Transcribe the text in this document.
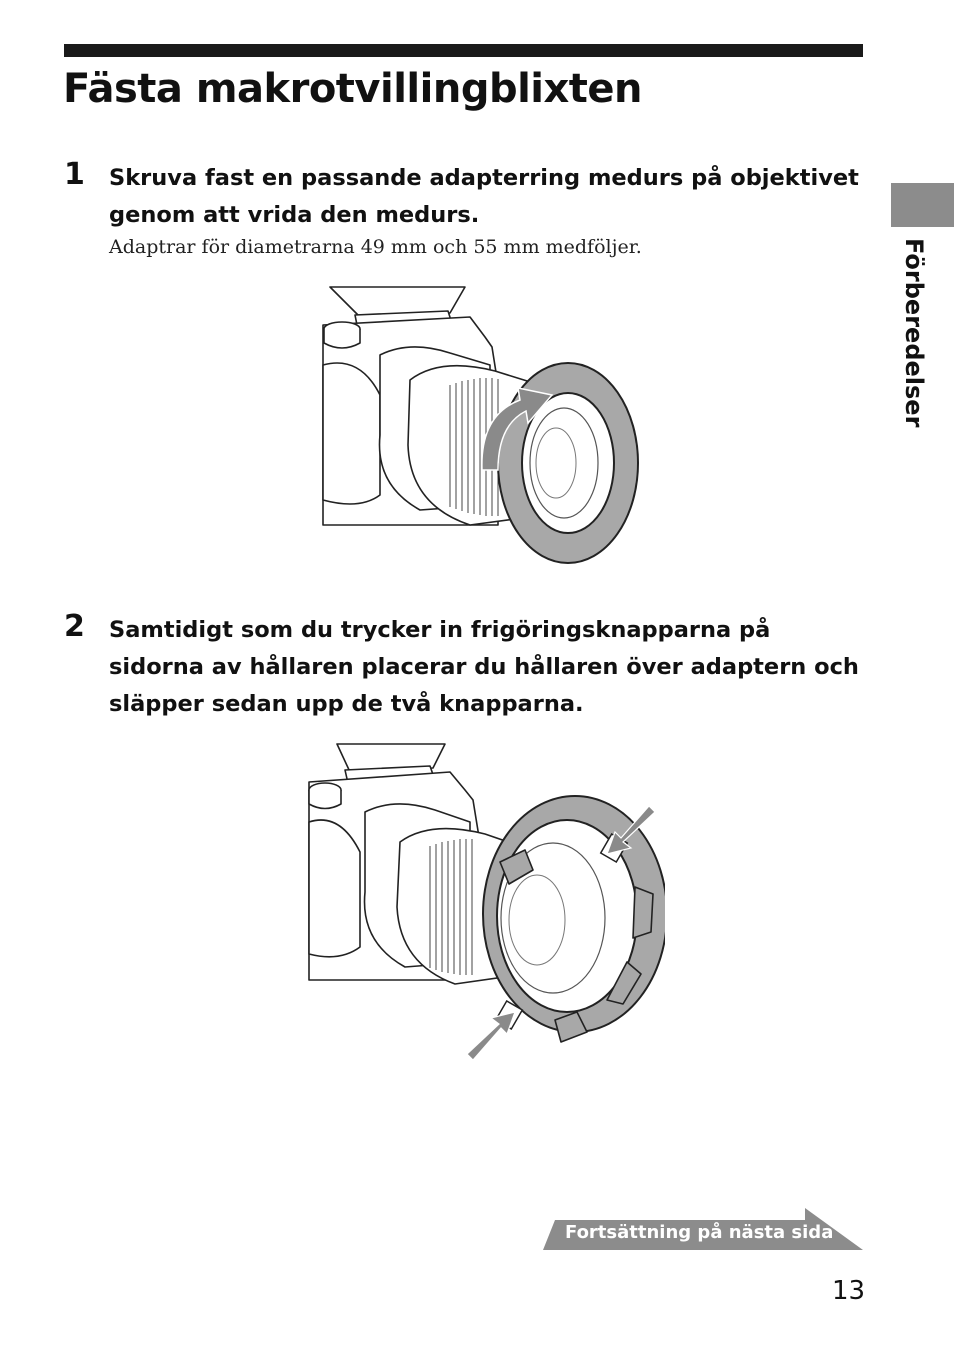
Fästa makrotvillingblixten
Förberedelser
1 Skruva fast en passande adapterring medurs på objektivet genom att vrida den medurs.

Adaptrar för diametrarna 49 mm och 55 mm medföljer.

2 Samtidigt som du trycker in frigöringsknapparna på sidorna av hållaren placerar du hållaren över adaptern och släpper sedan upp de två knapparna.

Fortsättning på nästa sida
13
